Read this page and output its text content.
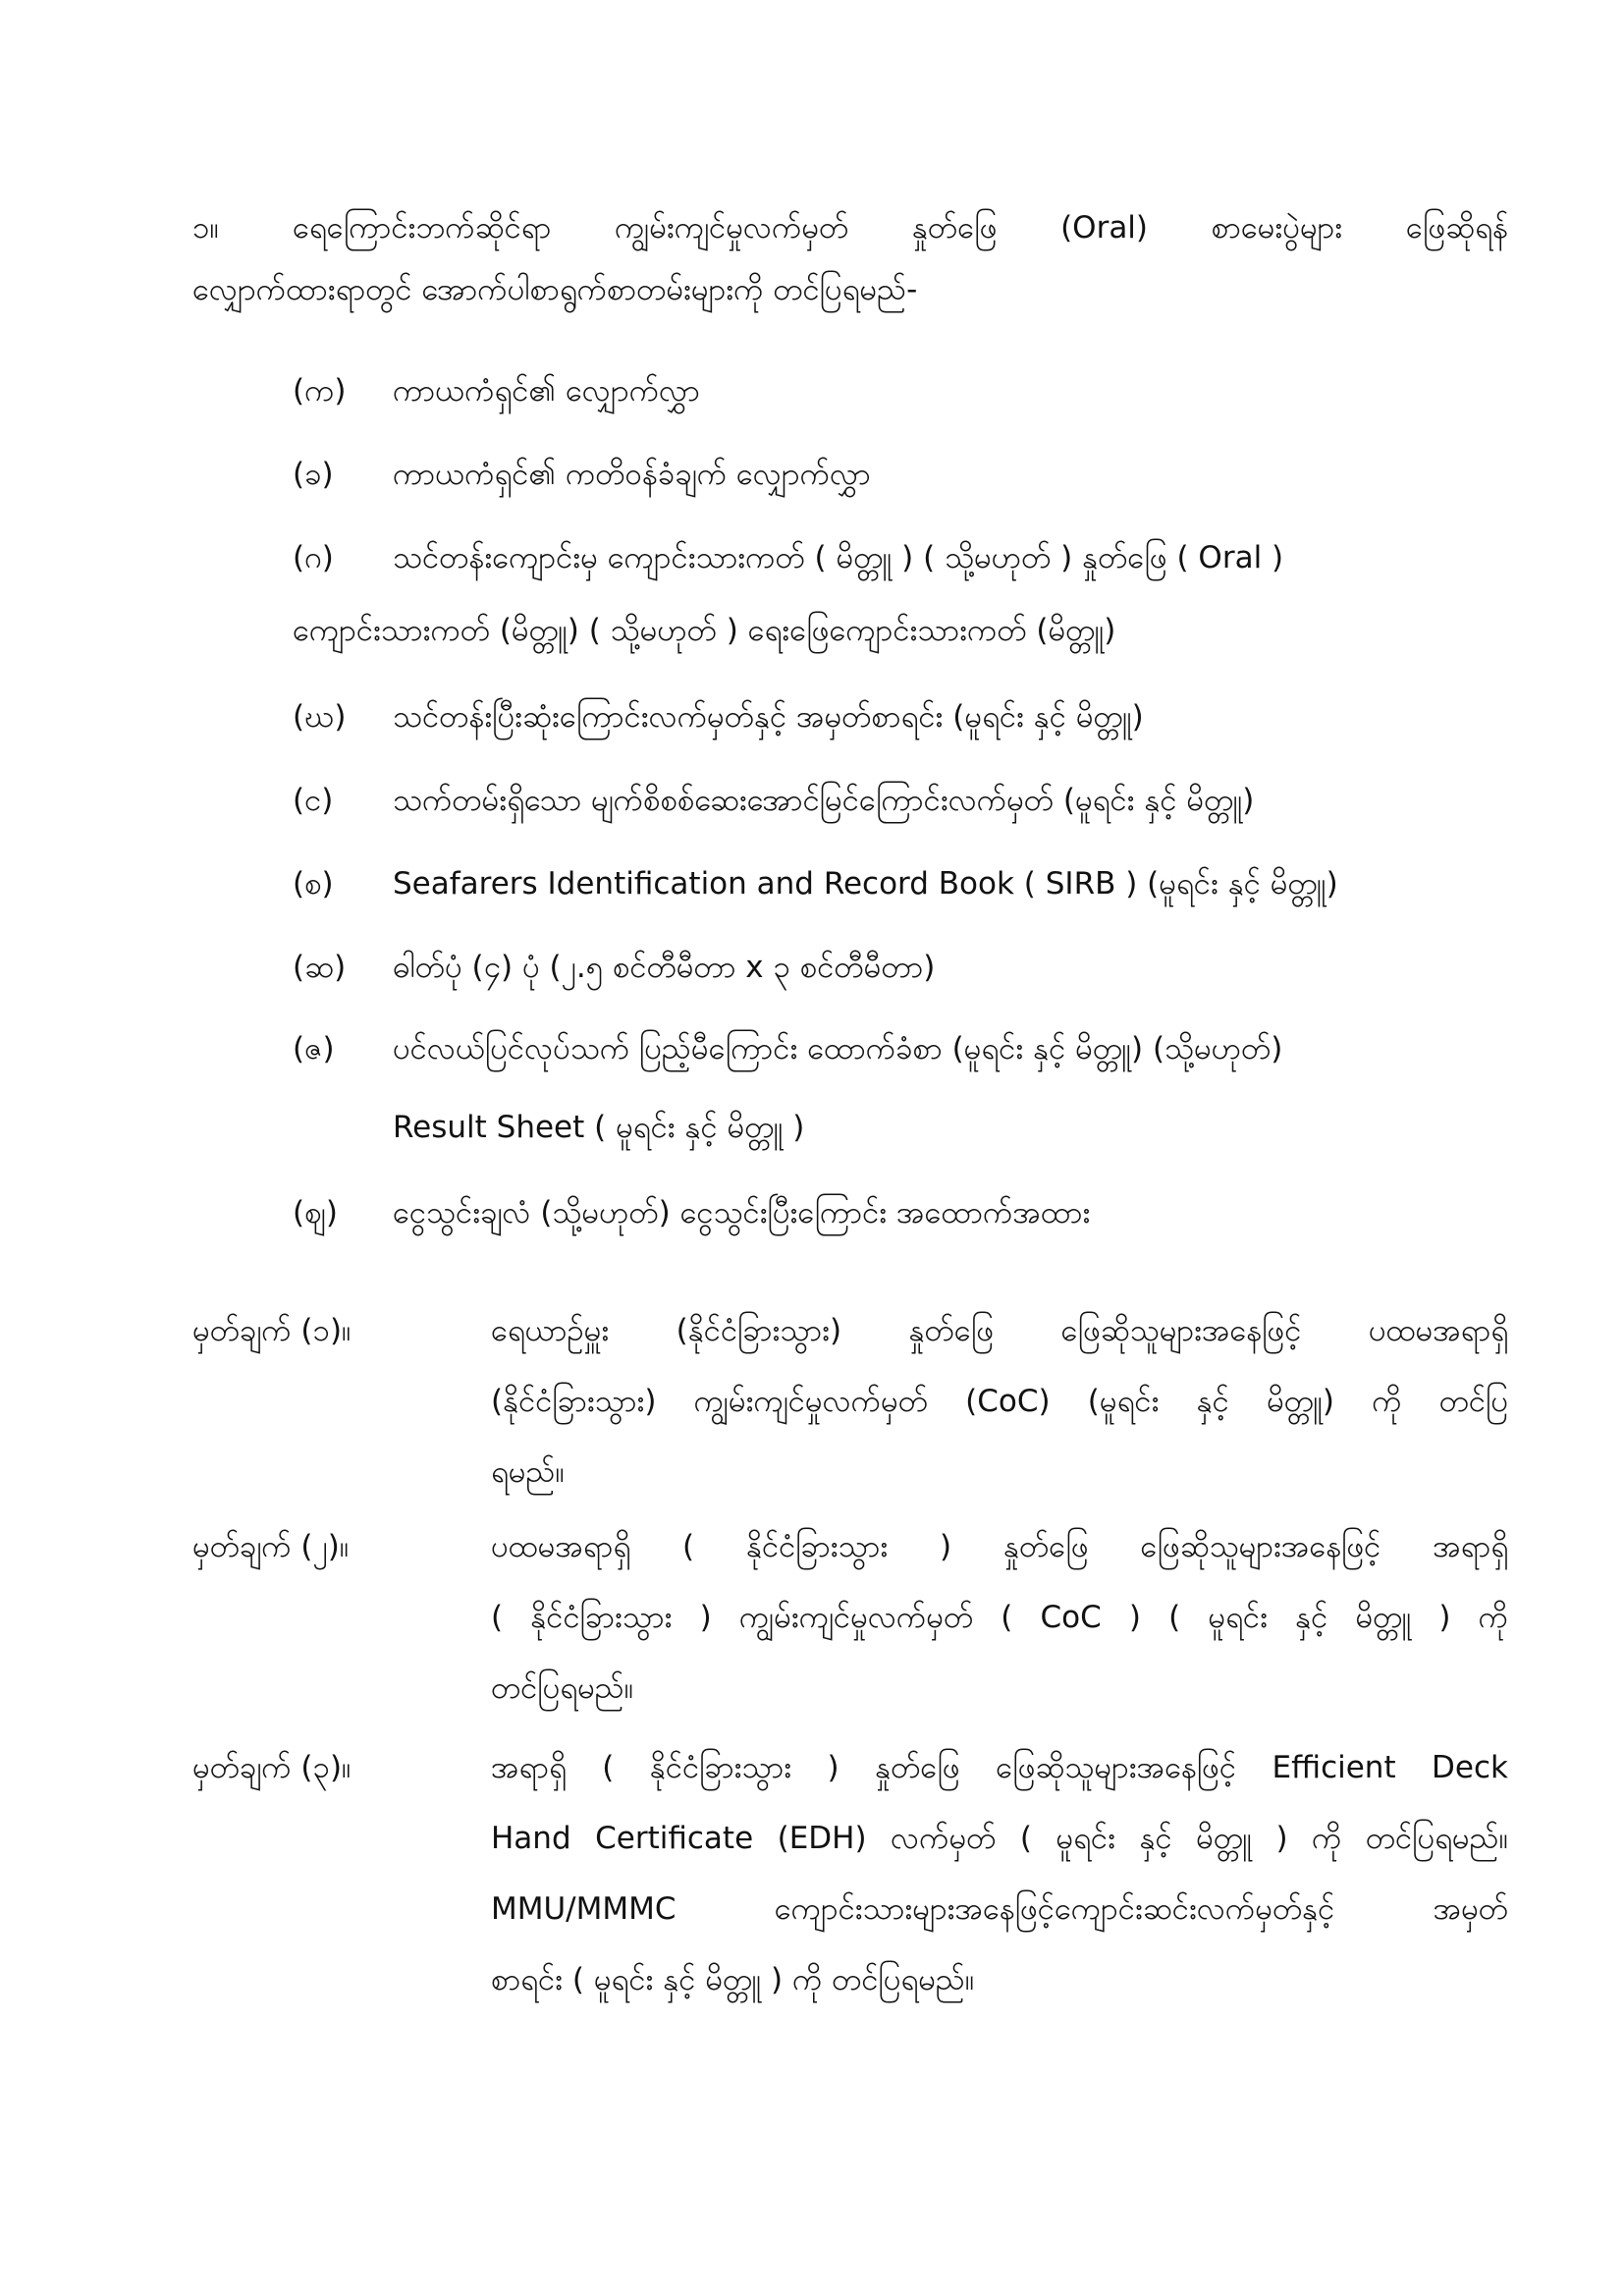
၁။ ရေကြောင်းဘက်ဆိုင်ရာ ကျွမ်းကျင်မှုလက်မှတ် နှုတ်ဖြေ (Oral) စာမေးပွဲများ ဖြေဆိုရန်
လျှောက်ထားရာတွင် အောက်ပါစာရွက်စာတမ်းများကို တင်ပြရမည်-
(က) ကာယကံရှင်၏ လျှောက်လွှာ
(ခ) ကာယကံရှင်၏ ကတိဝန်ခံချက် လျှောက်လွှာ
(ဂ) သင်တန်းကျောင်းမှ ကျောင်းသားကတ် ( မိတ္တူ ) ( သို့မဟုတ် ) နှုတ်ဖြေ ( Oral )
ကျောင်းသားကတ် (မိတ္တူ) ( သို့မဟုတ် ) ရေးဖြေကျောင်းသားကတ် (မိတ္တူ)
(ဃ) သင်တန်းပြီးဆုံးကြောင်းလက်မှတ်နှင့် အမှတ်စာရင်း (မူရင်း နှင့် မိတ္တူ)
(င) သက်တမ်းရှိသော မျက်စိစစ်ဆေးအောင်မြင်ကြောင်းလက်မှတ် (မူရင်း နှင့် မိတ္တူ)
(စ) Seafarers Identification and Record Book ( SIRB ) (မူရင်း နှင့် မိတ္တူ)
(ဆ) ဓါတ်ပုံ (၄) ပုံ (၂.၅ စင်တီမီတာ x ၃ စင်တီမီတာ)
(ဇ) ပင်လယ်ပြင်လုပ်သက် ပြည့်မီကြောင်း ထောက်ခံစာ (မူရင်း နှင့် မိတ္တူ) (သို့မဟုတ်)
Result Sheet ( မူရင်း နှင့် မိတ္တူ )
(ဈ) ငွေသွင်းချလံ (သို့မဟုတ်) ငွေသွင်းပြီးကြောင်း အထောက်အထား
မှတ်ချက် (၁)။	ရေယာဉ်မှူး (နိုင်ငံခြားသွား) နှုတ်ဖြေ ဖြေဆိုသူများအနေဖြင့် ပထမအရာရှိ
(နိုင်ငံခြားသွား) ကျွမ်းကျင်မှုလက်မှတ် (CoC) (မူရင်း နှင့် မိတ္တူ) ကို တင်ပြ
ရမည်။
မှတ်ချက် (၂)။	ပထမအရာရှိ ( နိုင်ငံခြားသွား ) နှုတ်ဖြေ ဖြေဆိုသူများအနေဖြင့် အရာရှိ
( နိုင်ငံခြားသွား ) ကျွမ်းကျင်မှုလက်မှတ် ( CoC ) ( မူရင်း နှင့် မိတ္တူ ) ကို
တင်ပြရမည်။
မှတ်ချက် (၃)။	အရာရှိ ( နိုင်ငံခြားသွား ) နှုတ်ဖြေ ဖြေဆိုသူများအနေဖြင့် Efficient Deck
Hand Certificate (EDH) လက်မှတ် ( မူရင်း နှင့် မိတ္တူ ) ကို တင်ပြရမည်။
MMU/MMMC ကျောင်းသားများအနေဖြင့်ကျောင်းဆင်းလက်မှတ်နှင့် အမှတ်
စာရင်း ( မူရင်း နှင့် မိတ္တူ ) ကို တင်ပြရမည်။
